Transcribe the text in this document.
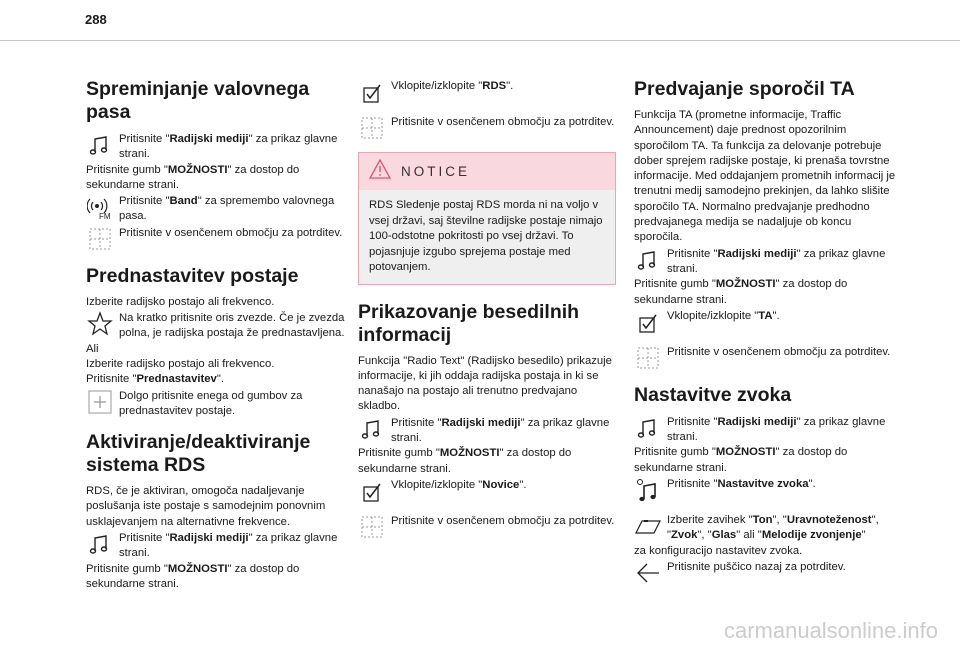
288
Spreminjanje valovnega pasa
Pritisnite "Radijski mediji" za prikaz glavne strani.

Pritisnite gumb "MOŽNOSTI" za dostop do sekundarne strani.

FM
Pritisnite "Band" za spremembo valovnega pasa.
Pritisnite v osenčenem območju za potrditev.
Prednastavitev postaje

Izberite radijsko postajo ali frekvenco.

Na kratko pritisnite oris zvezde. Če je zvezda polna, je radijska postaja že prednastavljena.

Ali

Izberite radijsko postajo ali frekvenco.

Pritisnite "Prednastavitev".

Dolgo pritisnite enega od gumbov za prednastavitev postaje.
Aktiviranje/deaktiviranje sistema RDS

RDS, če je aktiviran, omogoča nadaljevanje poslušanja iste postaje s samodejnim ponovnim usklajevanjem na alternativne frekvence.

Pritisnite "Radijski mediji" za prikaz glavne strani.

Pritisnite gumb "MOŽNOSTI" za dostop do sekundarne strani.

Vklopite/izklopite "RDS".
Pritisnite v osenčenem območju za potrditev.
NOTICE
RDS Sledenje postaj RDS morda ni na voljo v vsej državi, saj številne radijske postaje nimajo 100-odstotne pokritosti po vsej državi. To pojasnjuje izgubo sprejema postaje med potovanjem.
Prikazovanje besedilnih informacij

Funkcija "Radio Text" (Radijsko besedilo) prikazuje informacije, ki jih oddaja radijska postaja in ki se nanašajo na postajo ali trenutno predvajano skladbo.

Pritisnite "Radijski mediji" za prikaz glavne strani.

Pritisnite gumb "MOŽNOSTI" za dostop do sekundarne strani.

Vklopite/izklopite "Novice".
Pritisnite v osenčenem območju za potrditev.
Predvajanje sporočil TA

Funkcija TA (prometne informacije, Traffic Announcement) daje prednost opozorilnim sporočilom TA. Ta funkcija za delovanje potrebuje dober sprejem radijske postaje, ki prenaša tovrstne informacije. Med oddajanjem prometnih informacij je trenutni medij samodejno prekinjen, da lahko slišite sporočilo TA. Normalno predvajanje predhodno predvajanega medija se nadaljuje ob koncu sporočila.

Pritisnite "Radijski mediji" za prikaz glavne strani.

Pritisnite gumb "MOŽNOSTI" za dostop do sekundarne strani.

Vklopite/izklopite "TA".
Pritisnite v osenčenem območju za potrditev.
Nastavitve zvoka
Pritisnite "Radijski mediji" za prikaz glavne strani.

Pritisnite gumb "MOŽNOSTI" za dostop do sekundarne strani.

Pritisnite "Nastavitve zvoka".
Izberite zavihek "Ton", "Uravnoteženost", "Zvok", "Glas" ali "Melodije zvonjenje"

za konfiguracijo nastavitev zvoka.

Pritisnite puščico nazaj za potrditev.
carmanualsonline.info
